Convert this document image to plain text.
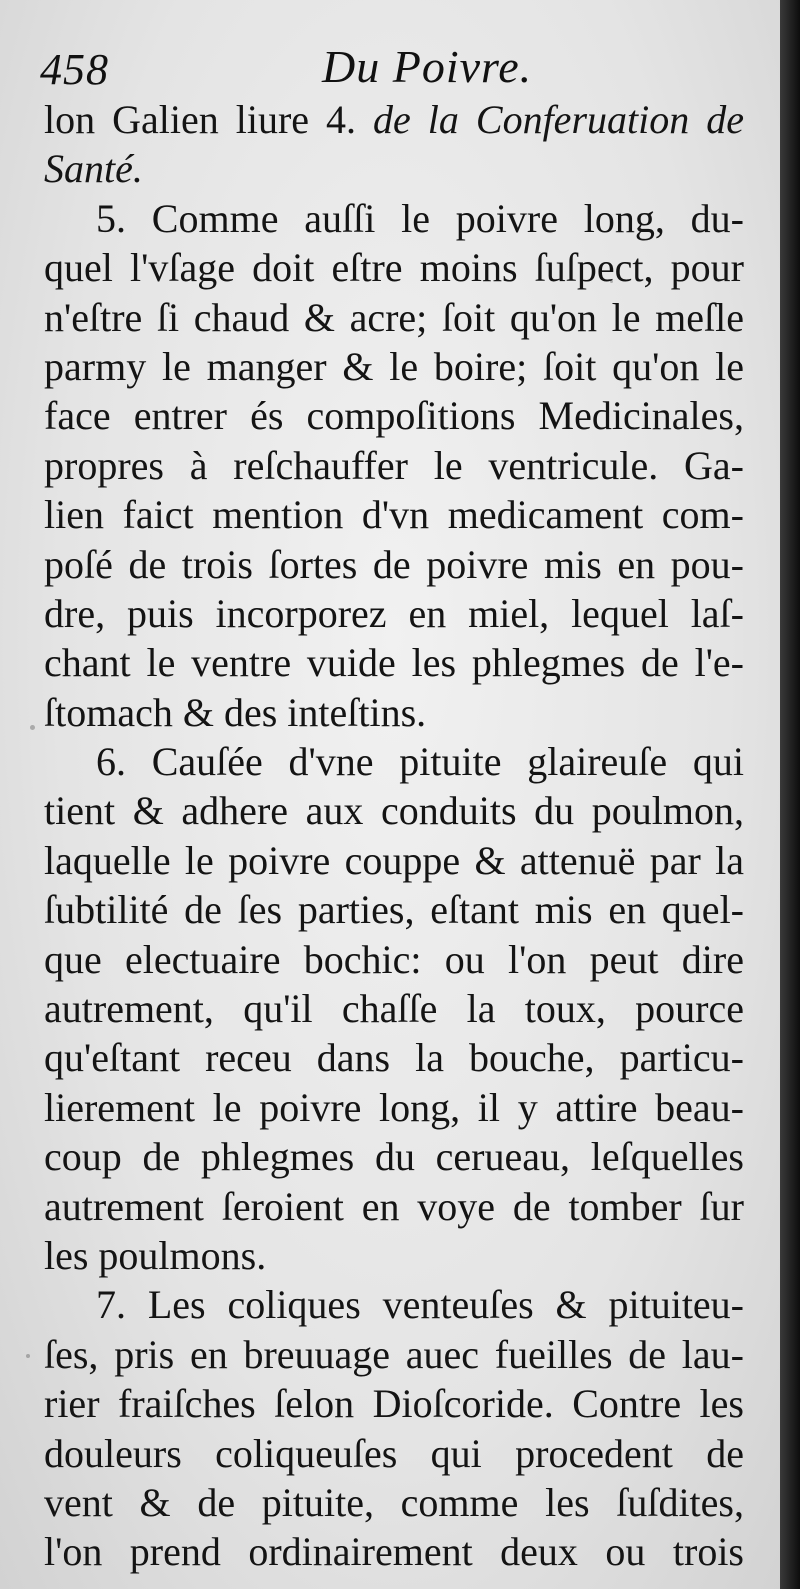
458	Du Poivre.
lon Galien liure 4. de la Conferuation de
Santé.
5. Comme auſſi le poivre long, du-
quel l'vſage doit eſtre moins ſuſpect, pour
n'eſtre ſi chaud & acre; ſoit qu'on le meſle
parmy le manger & le boire; ſoit qu'on le
face entrer és compoſitions Medicinales,
propres à reſchauffer le ventricule. Ga-
lien faict mention d'vn medicament com-
poſé de trois ſortes de poivre mis en pou-
dre, puis incorporez en miel, lequel laſ-
chant le ventre vuide les phlegmes de l'e-
ſtomach & des inteſtins.
6. Cauſée d'vne pituite glaireuſe qui
tient & adhere aux conduits du poulmon,
laquelle le poivre couppe & attenuë par la
ſubtilité de ſes parties, eſtant mis en quel-
que electuaire bochic: ou l'on peut dire
autrement, qu'il chaſſe la toux, pource
qu'eſtant receu dans la bouche, particu-
lierement le poivre long, il y attire beau-
coup de phlegmes du cerueau, leſquelles
autrement ſeroient en voye de tomber ſur
les poulmons.
7. Les coliques venteuſes & pituiteu-
ſes, pris en breuuage auec fueilles de lau-
rier fraiſches ſelon Dioſcoride. Contre les
douleurs coliqueuſes qui procedent de
vent & de pituite, comme les ſuſdites,
l'on prend ordinairement deux ou trois
